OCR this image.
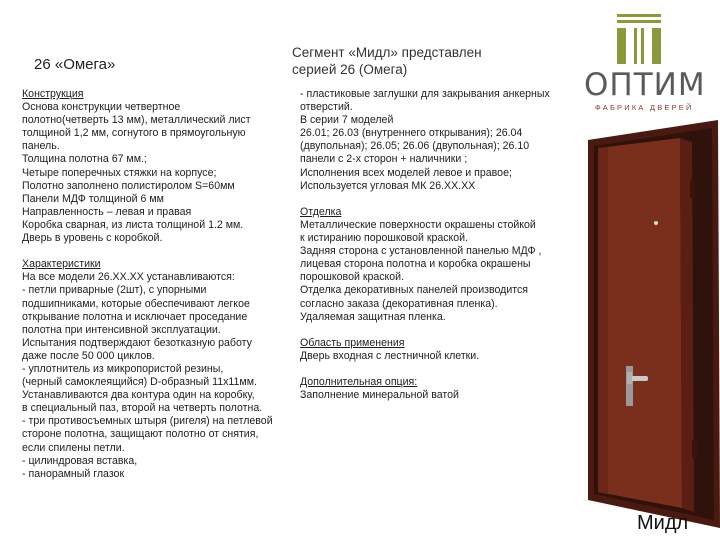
26 «Омега»
Сегмент «Мидл» представлен
серией 26 (Омега)
Конструкция
Основа конструкции четвертное
полотно(четверть 13 мм), металлический лист
толщиной 1,2 мм, согнутого в прямоугольную
панель.
Толщина полотна 67 мм.;
Четыре поперечных стяжки на корпусе;
Полотно заполнено полистиролом S=60мм
Панели МДФ толщиной 6 мм
Направленность – левая и правая
Коробка сварная, из листа толщиной 1.2 мм.
Дверь в уровень с коробкой.
Характеристики
На все модели 26.XX.XX устанавливаются:
- петли приварные (2шт), с упорными
подшипниками, которые обеспечивают легкое
открывание полотна и исключает проседание
полотна при интенсивной эксплуатации.
Испытания подтверждают безотказную работу
даже после 50 000 циклов.
- уплотнитель из микропористой резины,
(черный самоклеящийся) D-образный 11х11мм.
Устанавливаются два контура один на коробку,
в специальный паз, второй на четверть полотна.
- три противосъемных штыря (ригеля) на петлевой
стороне полотна, защищают полотно от снятия,
если спилены петли.
- цилиндровая вставка,
- панорамный глазок
- пластиковые заглушки для закрывания анкерных
отверстий.
В серии 7 моделей
26.01; 26.03 (внутреннего открывания); 26.04
(двупольная); 26.05; 26.06 (двупольная); 26.10
панели с 2-х сторон + наличники ;
Исполнения всех моделей левое и правое;
Используется угловая МК 26.XX.XX
Отделка
Металлические поверхности окрашены стойкой
к истиранию порошковой краской.
Задняя сторона с установленной панелью МДФ ,
лицевая сторона полотна и коробка окрашены
порошковой краской.
Отделка декоративных панелей производится
согласно заказа (декоративная пленка).
Удаляемая защитная пленка.
Область применения
Дверь входная с лестничной клетки.
Дополнительная опция:
Заполнение минеральной ватой
ОПТИМ
ФАБРИКА ДВЕРЕЙ
Мидл
